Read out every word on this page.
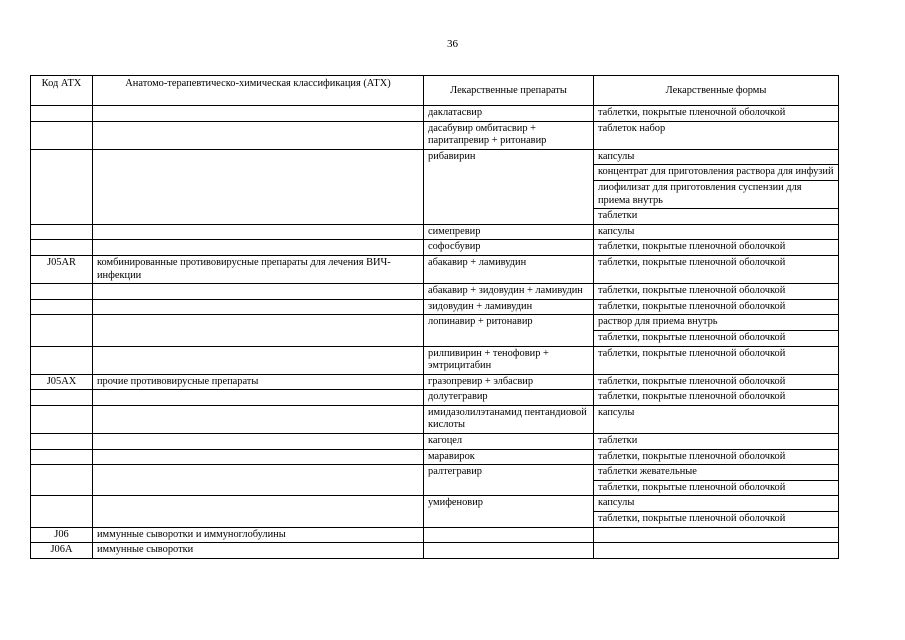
36
Код АТХ	Анатомо-терапевтическо-химическая классификация (АТХ)	Лекарственные препараты	Лекарственные формы
		даклатасвир	таблетки, покрытые пленочной оболочкой
		дасабувир омбитасвир + паритапревир + ритонавир	таблеток набор
		рибавирин	капсулы
			концентрат для приготовления раствора для инфузий
			лиофилизат для приготовления суспензии для приема внутрь
			таблетки
		симепревир	капсулы
		софосбувир	таблетки, покрытые пленочной оболочкой
J05AR	комбинированные противовирусные препараты для лечения ВИЧ-инфекции	абакавир + ламивудин	таблетки, покрытые пленочной оболочкой
		абакавир + зидовудин + ламивудин	таблетки, покрытые пленочной оболочкой
		зидовудин + ламивудин	таблетки, покрытые пленочной оболочкой
		лопинавир + ритонавир	раствор для приема внутрь
			таблетки, покрытые пленочной оболочкой
		рилпивирин + тенофовир + эмтрицитабин	таблетки, покрытые пленочной оболочкой
J05AX	прочие противовирусные препараты	гразопревир + элбасвир	таблетки, покрытые пленочной оболочкой
		долутегравир	таблетки, покрытые пленочной оболочкой
		имидазолилэтанамид пентандиовой кислоты	капсулы
		кагоцел	таблетки
		маравирок	таблетки, покрытые пленочной оболочкой
		ралтегравир	таблетки жевательные
			таблетки, покрытые пленочной оболочкой
		умифеновир	капсулы
			таблетки, покрытые пленочной оболочкой
J06	иммунные сыворотки и иммуноглобулины		
J06A	иммунные сыворотки		
